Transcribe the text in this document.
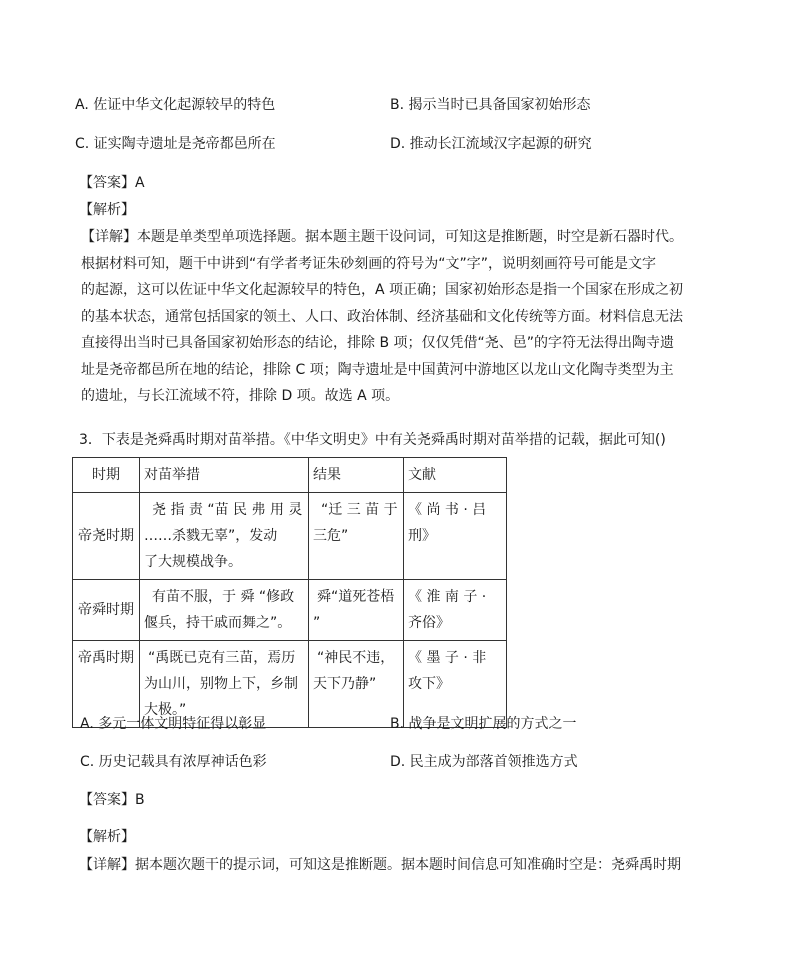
A. 佐证中华文化起源较早的特色	B. 揭示当时已具备国家初始形态
C. 证实陶寺遗址是尧帝都邑所在	D. 推动长江流域汉字起源的研究
【答案】A
【解析】
【详解】本题是单类型单项选择题。据本题主题干设问词，可知这是推断题，时空是新石器时代。
根据材料可知，题干中讲到“有学者考证朱砂刻画的符号为“文”字”，说明刻画符号可能是文字
的起源，这可以佐证中华文化起源较早的特色，A 项正确；国家初始形态是指一个国家在形成之初
的基本状态，通常包括国家的领土、人口、政治体制、经济基础和文化传统等方面。材料信息无法
直接得出当时已具备国家初始形态的结论，排除 B 项；仅仅凭借“尧、邑”的字符无法得出陶寺遗
址是尧帝都邑所在地的结论，排除 C 项；陶寺遗址是中国黄河中游地区以龙山文化陶寺类型为主
的遗址，与长江流域不符，排除 D 项。故选 A 项。
3．下表是尧舜禹时期对苗举措。《中华文明史》中有关尧舜禹时期对苗举措的记载，据此可知()
时期	对苗举措	结果	文献
帝尧时期	尧 指 责 “苗 民 弗 用 灵
……杀戮无辜”，发动
了大规模战争。	“迁 三 苗 于
三危”	《 尚 书 · 吕
刑》

帝舜时期	有苗不服，于 舜 “修政
偃兵，持干戚而舞之”。	舜“道死苍梧
”	《 淮 南 子 ·
齐俗》

帝禹时期	“禹既已克有三苗，焉历
为山川，别物上下，乡制
大极。”	“神民不违，
天下乃静”	《 墨 子 · 非
攻下》
A. 多元一体文明特征得以彰显	B. 战争是文明扩展的方式之一
C. 历史记载具有浓厚神话色彩	D. 民主成为部落首领推选方式
【答案】B
【解析】
【详解】据本题次题干的提示词，可知这是推断题。据本题时间信息可知准确时空是：尧舜禹时期
